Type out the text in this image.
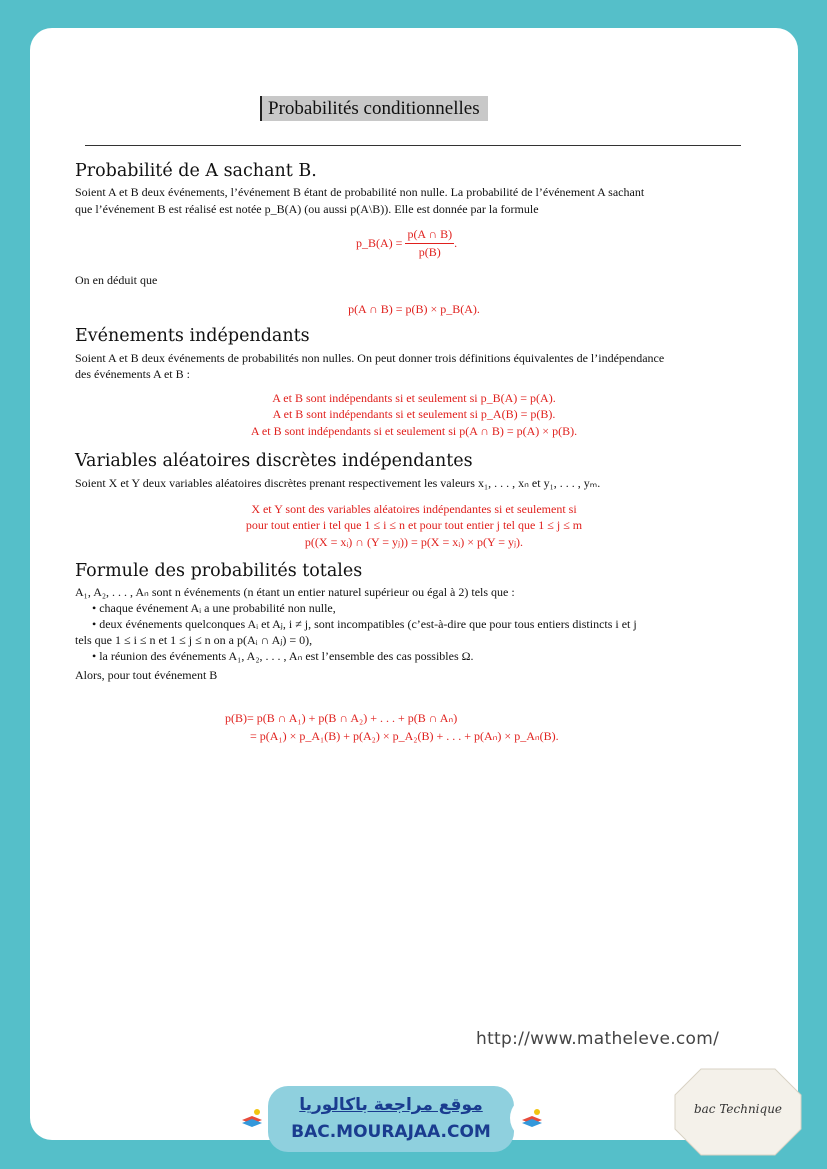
Probabilités conditionnelles
Probabilité de A sachant B.
Soient A et B deux événements, l’événement B étant de probabilité non nulle. La probabilité de l’événement A sachant
que l’événement B est réalisé est notée p_B(A) (ou aussi p(A\B)). Elle est donnée par la formule
p_B(A) = $\frac{p(A \cap B)}{p(B)}$ .
On en déduit que
p(A ∩ B) = p(B) × p_B(A).
Evénements indépendants
Soient A et B deux événements de probabilités non nulles. On peut donner trois définitions équivalentes de l’indépendance
des événements A et B :
A et B sont indépendants si et seulement si p_B(A) = p(A).
A et B sont indépendants si et seulement si p_A(B) = p(B).
A et B sont indépendants si et seulement si p(A ∩ B) = p(A) × p(B).
Variables aléatoires discrètes indépendantes
Soient X et Y deux variables aléatoires discrètes prenant respectivement les valeurs x₁, . . . , xₙ et y₁, . . . , yₘ.
X et Y sont des variables aléatoires indépendantes si et seulement si
pour tout entier i tel que 1 ≤ i ≤ n et pour tout entier j tel que 1 ≤ j ≤ m
p((X = xᵢ) ∩ (Y = yⱼ)) = p(X = xᵢ) × p(Y = yⱼ).
Formule des probabilités totales
A₁, A₂, . . . , Aₙ sont n événements (n étant un entier naturel supérieur ou égal à 2) tels que :
• chaque événement Aᵢ a une probabilité non nulle,
• deux événements quelconques Aᵢ et Aⱼ, i ≠ j, sont incompatibles (c’est-à-dire que pour tous entiers distincts i et j
tels que 1 ≤ i ≤ n et 1 ≤ j ≤ n on a p(Aᵢ ∩ Aⱼ) = 0),
• la réunion des événements A₁, A₂, . . . , Aₙ est l’ensemble des cas possibles Ω.
Alors, pour tout événement B
p(B)= p(B ∩ A₁) + p(B ∩ A₂) + . . . + p(B ∩ Aₙ)
= p(A₁) × p_A₁(B) + p(A₂) × p_A₂(B) + . . . + p(Aₙ) × p_Aₙ(B).
http://www.matheleve.com/
موقع مراجعة باكالوريا
BAC.MOURAJAA.COM
bac Technique
